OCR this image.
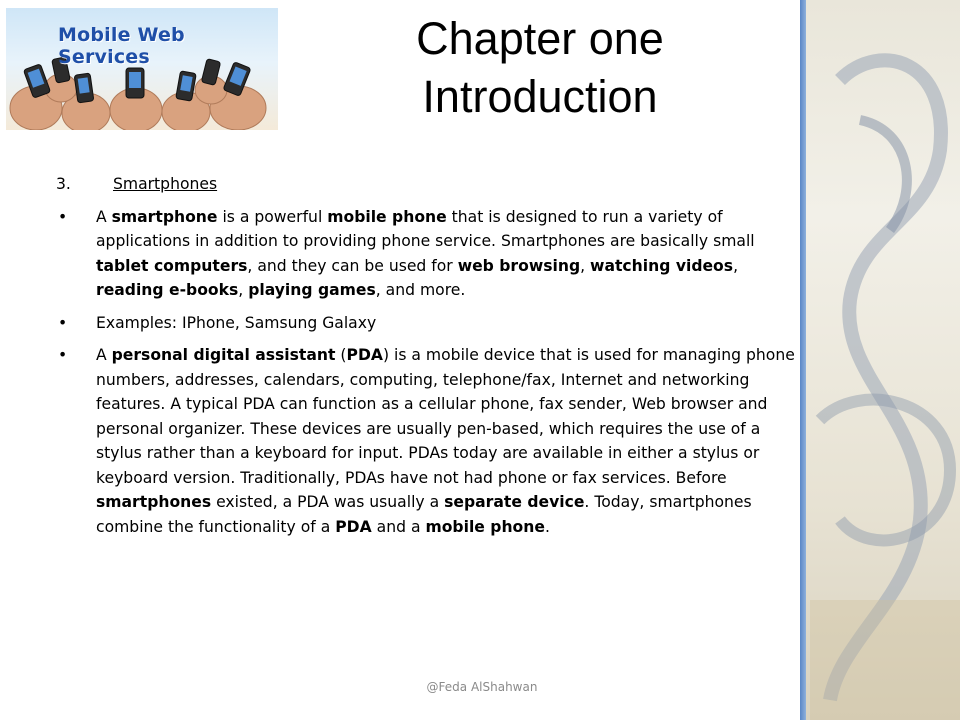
Mobile Web Services	Chapter one
Introduction
3.	Smartphones
•	A smartphone is a powerful mobile phone that is designed to run a variety of applications in addition to providing phone service. Smartphones are basically small tablet computers, and they can be used for web browsing, watching videos, reading e-books, playing games, and more.
•	Examples: IPhone, Samsung Galaxy
•	A personal digital assistant (PDA) is a mobile device that is used for managing phone numbers, addresses, calendars, computing, telephone/fax, Internet and networking features. A typical PDA can function as a cellular phone, fax sender, Web browser and personal organizer. These devices are usually pen-based, which requires the use of a stylus rather than a keyboard for input. PDAs today are available in either a stylus or keyboard version. Traditionally, PDAs have not had phone or fax services. Before smartphones existed, a PDA was usually a separate device. Today, smartphones combine the functionality of a PDA and a mobile phone.
@Feda AlShahwan
